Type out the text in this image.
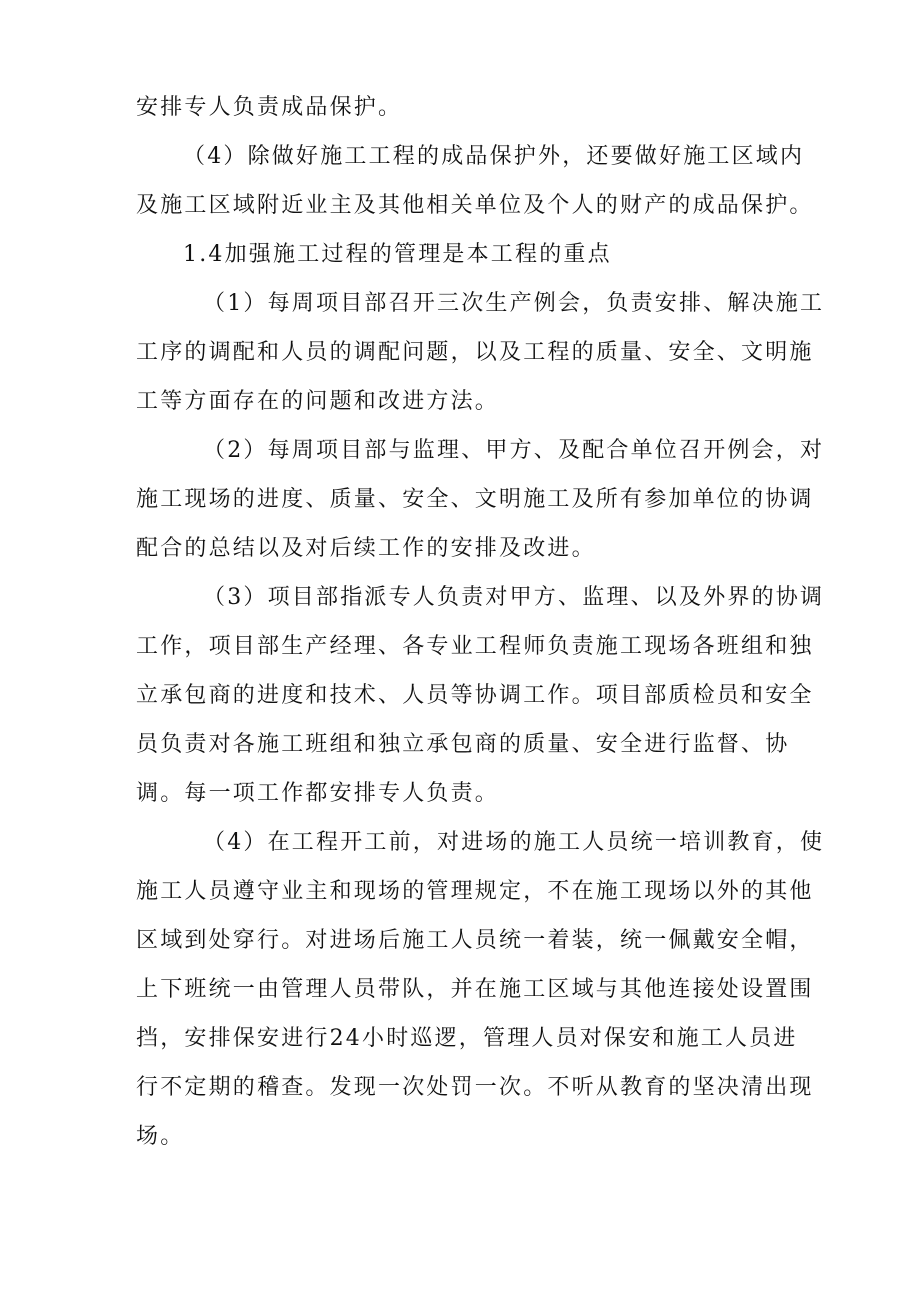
安排专人负责成品保护。
（4）除做好施工工程的成品保护外，还要做好施工区域内
及施工区域附近业主及其他相关单位及个人的财产的成品保护。
1.4加强施工过程的管理是本工程的重点
（1）每周项目部召开三次生产例会，负责安排、解决施工
工序的调配和人员的调配问题，以及工程的质量、安全、文明施
工等方面存在的问题和改进方法。
（2）每周项目部与监理、甲方、及配合单位召开例会，对
施工现场的进度、质量、安全、文明施工及所有参加单位的协调
配合的总结以及对后续工作的安排及改进。
（3）项目部指派专人负责对甲方、监理、以及外界的协调
工作，项目部生产经理、各专业工程师负责施工现场各班组和独
立承包商的进度和技术、人员等协调工作。项目部质检员和安全
员负责对各施工班组和独立承包商的质量、安全进行监督、协
调。每一项工作都安排专人负责。
（4）在工程开工前，对进场的施工人员统一培训教育，使
施工人员遵守业主和现场的管理规定，不在施工现场以外的其他
区域到处穿行。对进场后施工人员统一着装，统一佩戴安全帽，
上下班统一由管理人员带队，并在施工区域与其他连接处设置围
挡，安排保安进行24小时巡逻，管理人员对保安和施工人员进
行不定期的稽查。发现一次处罚一次。不听从教育的坚决清出现
场。
